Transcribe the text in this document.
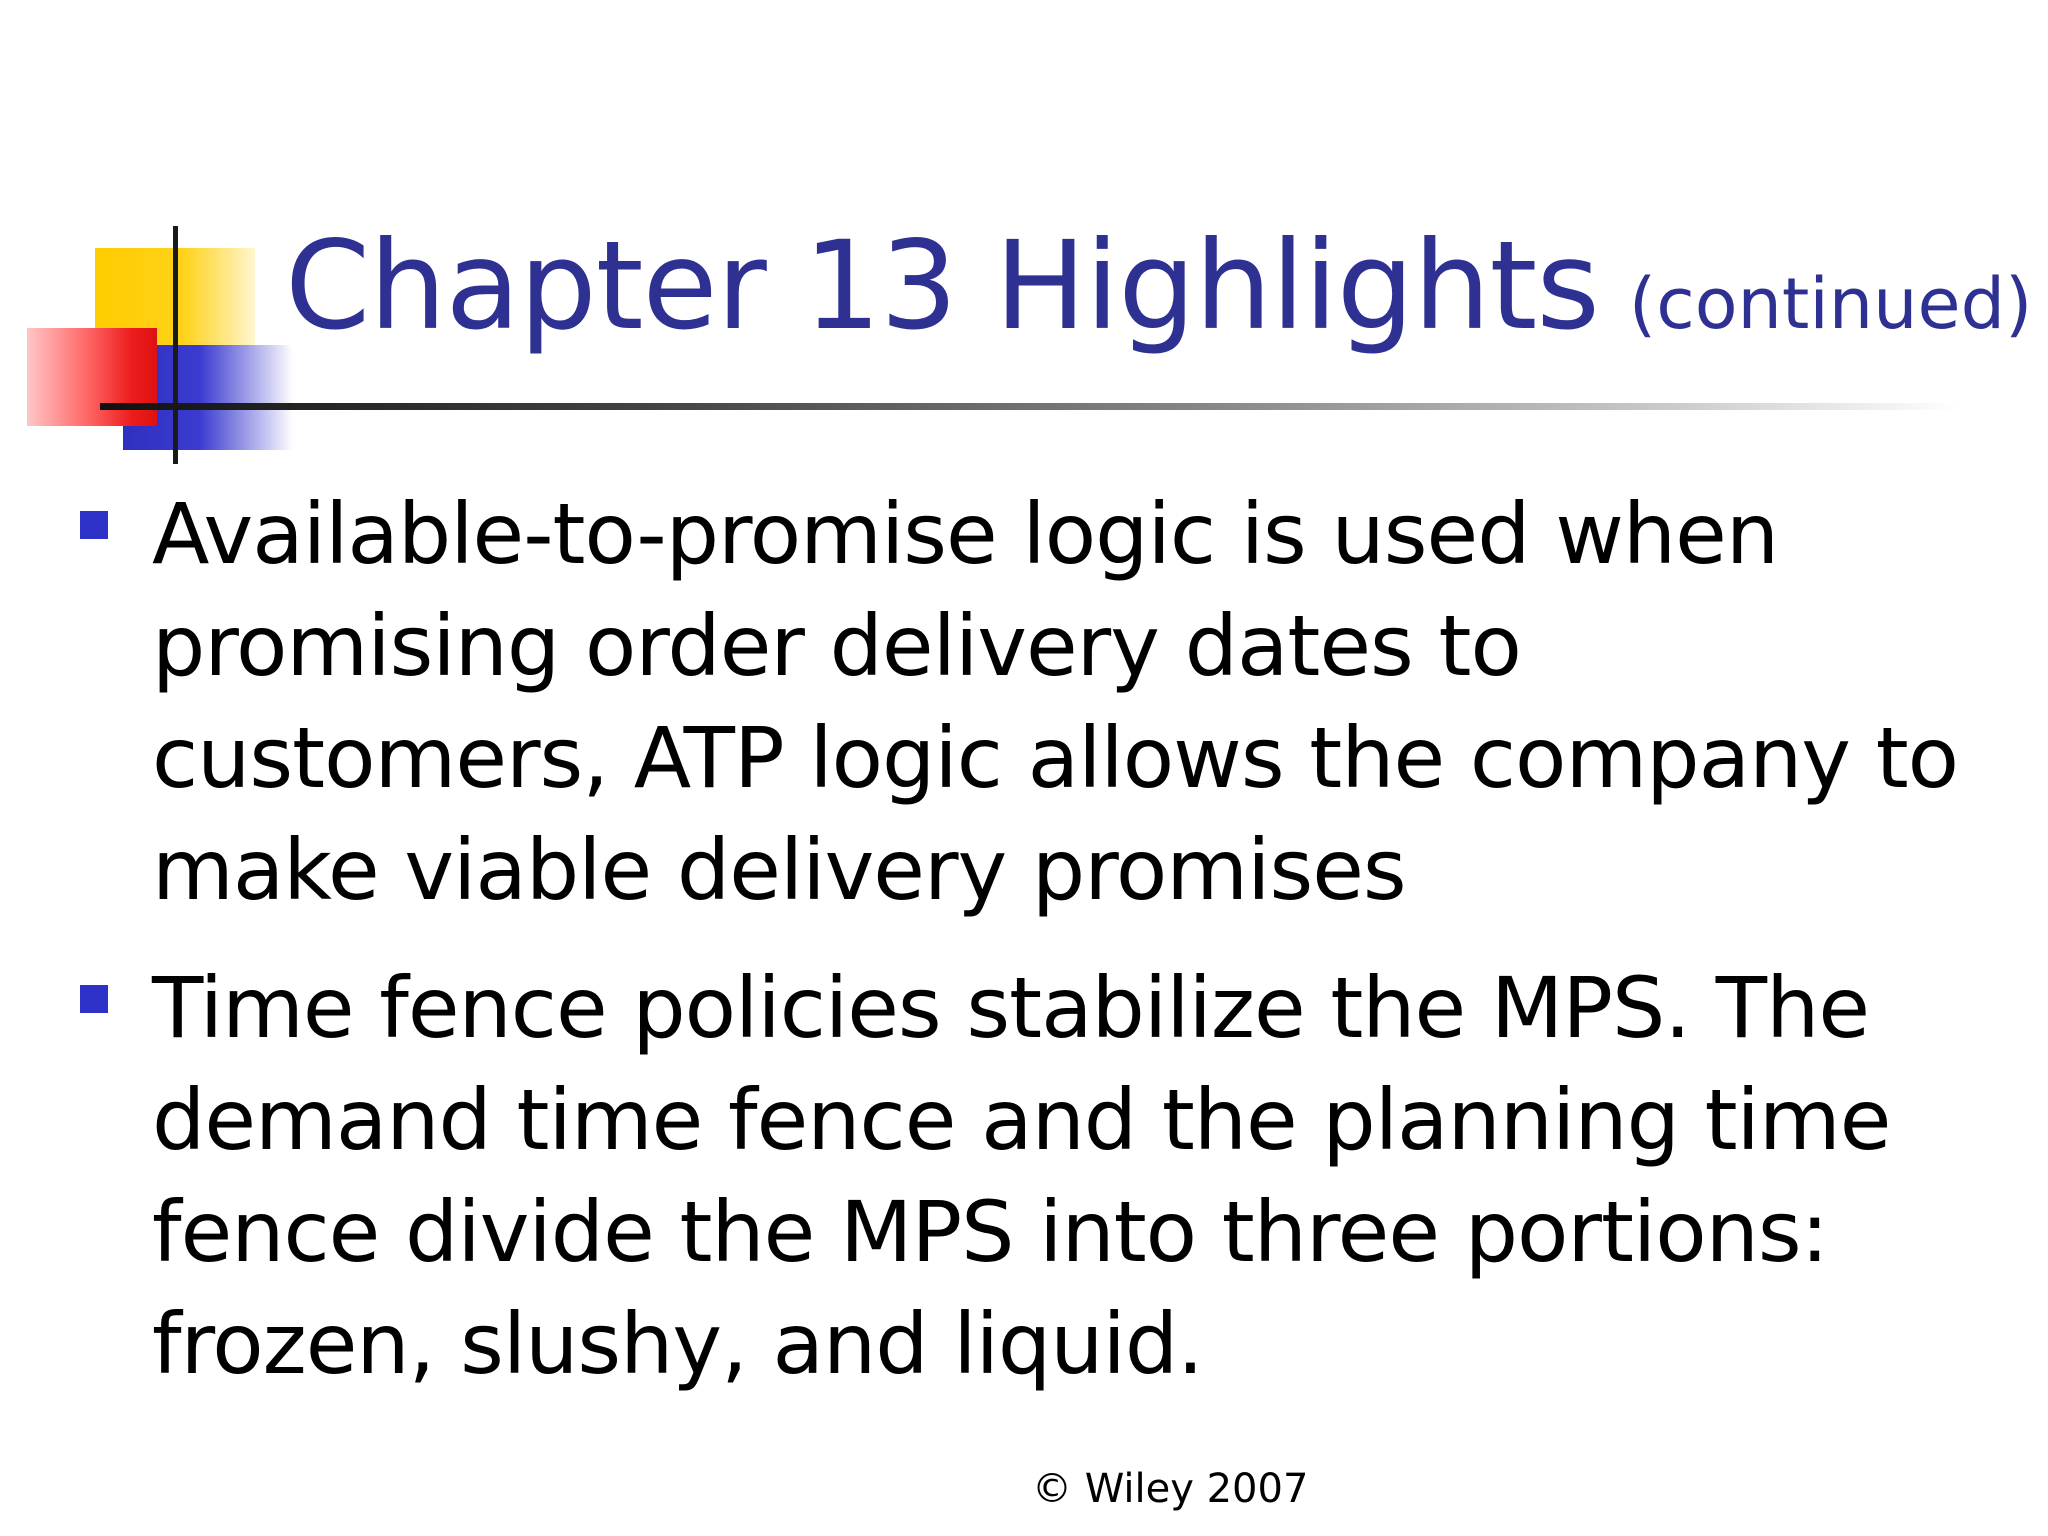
Chapter 13 Highlights (continued)
Available-to-promise logic is used when promising order delivery dates to customers, ATP logic allows the company to make viable delivery promises
Time fence policies stabilize the MPS. The demand time fence and the planning time fence divide the MPS into three portions: frozen, slushy, and liquid.
© Wiley 2007
